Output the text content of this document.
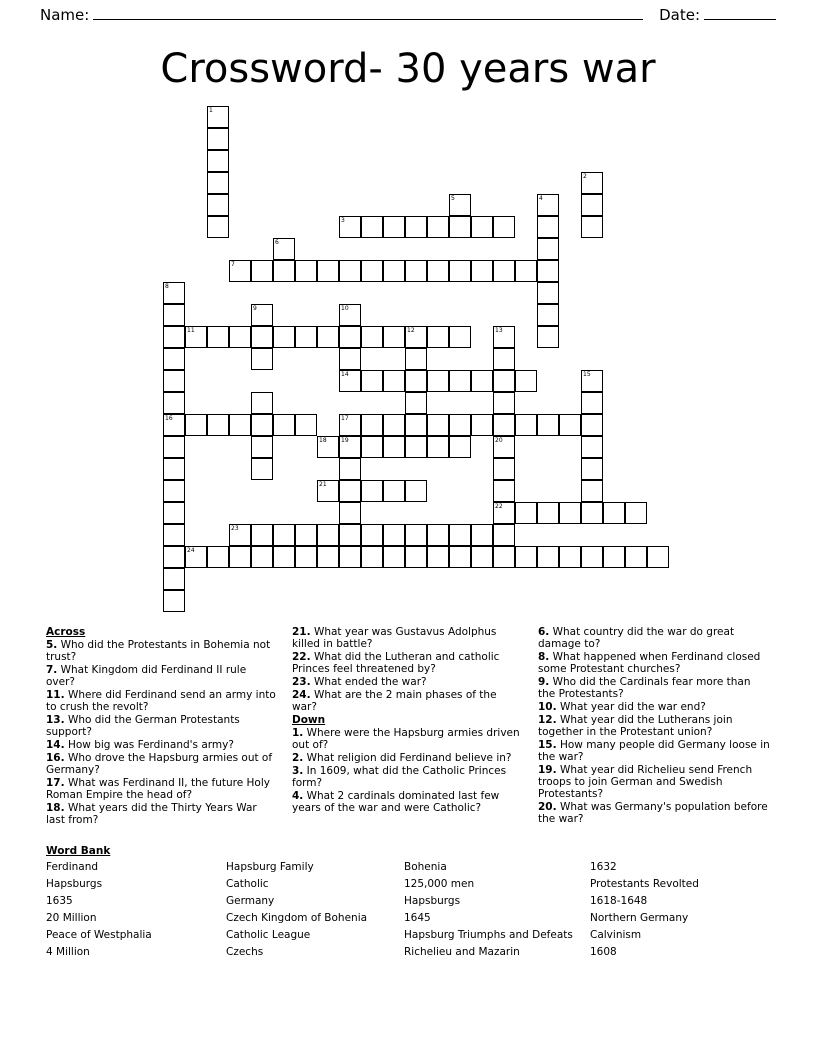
Name:	Date:
Crossword- 30 years war
1
2
3
5	4
6
7
8
16
9	10
11	12	13
14	15
17
18 19	20
21
22
23
24
Across
5. Who did the Protestants in Bohemia not trust?
7. What Kingdom did Ferdinand II rule over?
11. Where did Ferdinand send an army into to crush the revolt?
13. Who did the German Protestants support?
14. How big was Ferdinand's army?
16. Who drove the Hapsburg armies out of Germany?
17. What was Ferdinand II, the future Holy Roman Empire the head of?
18. What years did the Thirty Years War last from?
21. What year was Gustavus Adolphus killed in battle?
22. What did the Lutheran and catholic Princes feel threatened by?
23. What ended the war?
24. What are the 2 main phases of the war?
Down
1. Where were the Hapsburg armies driven out of?
2. What religion did Ferdinand believe in?
3. In 1609, what did the Catholic Princes form?
4. What 2 cardinals dominated last few years of the war and were Catholic?
6. What country did the war do great damage to?
8. What happened when Ferdinand closed some Protestant churches?
9. Who did the Cardinals fear more than the Protestants?
10. What year did the war end?
12. What year did the Lutherans join together in the Protestant union?
15. How many people did Germany loose in the war?
19. What year did Richelieu send French troops to join German and Swedish Protestants?
20. What was Germany's population before the war?
Word Bank
Ferdinand	Hapsburg Family	Bohenia	1632
Hapsburgs	Catholic	125,000 men	Protestants Revolted
1635	Germany	Hapsburgs	1618-1648
20 Million	Czech Kingdom of Bohenia	1645	Northern Germany
Peace of Westphalia	Catholic League	Hapsburg Triumphs and Defeats	Calvinism
4 Million	Czechs	Richelieu and Mazarin	1608
